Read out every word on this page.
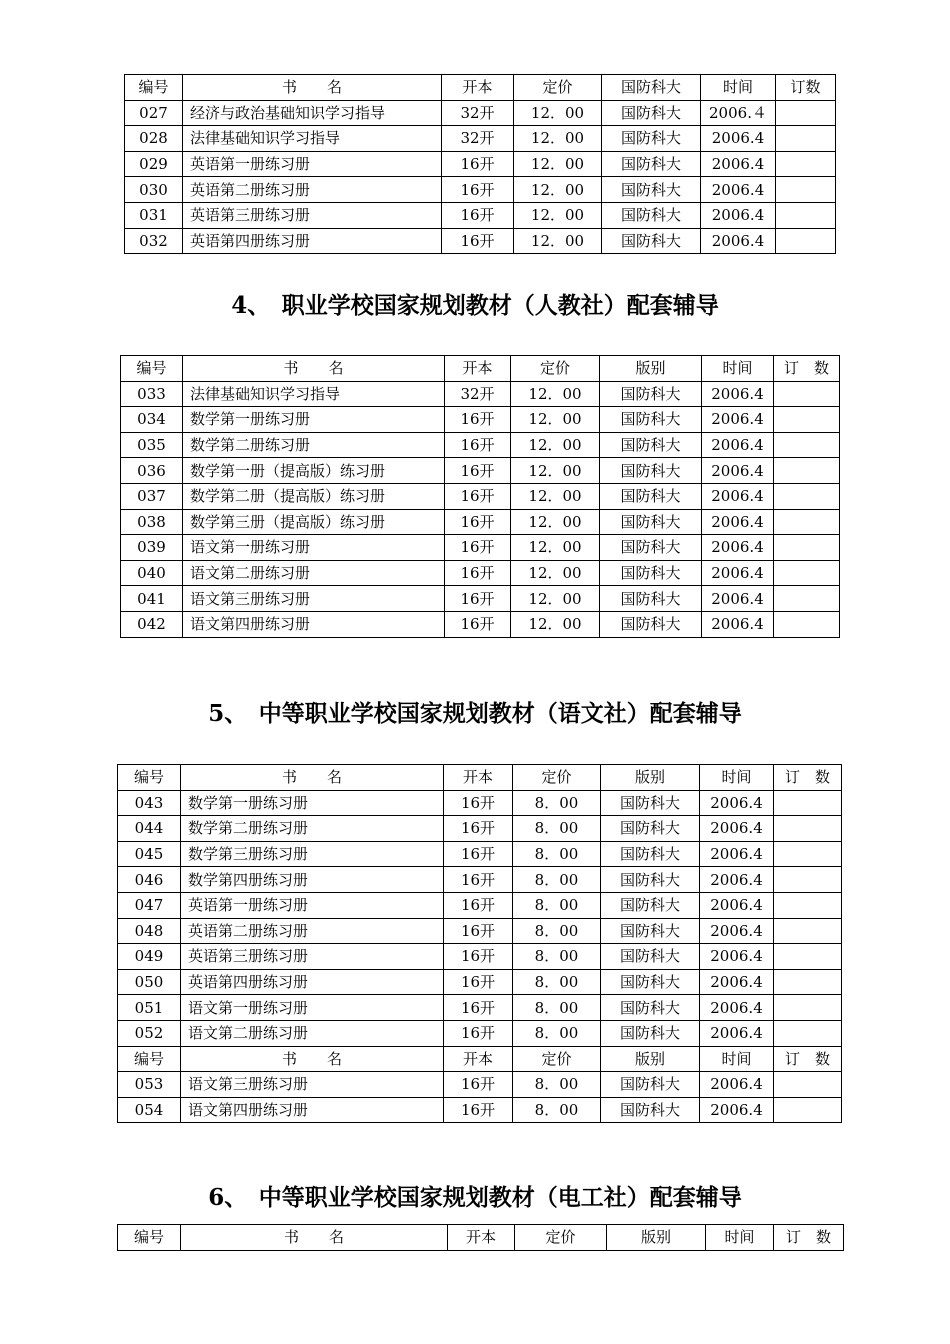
编号	书　　名	开本	定价	国防科大	时间	订数
027	经济与政治基础知识学习指导	32开	12．00	国防科大	2006.４	
028	法律基础知识学习指导	32开	12．00	国防科大	2006.4	
029	英语第一册练习册	16开	12．00	国防科大	2006.4	
030	英语第二册练习册	16开	12．00	国防科大	2006.4	
031	英语第三册练习册	16开	12．00	国防科大	2006.4	
032	英语第四册练习册	16开	12．00	国防科大	2006.4	
4、　职业学校国家规划教材（人教社）配套辅导
编号	书　　名	开本	定价	版别	时间	订　数
033	法律基础知识学习指导	32开	12．00	国防科大	2006.4	
034	数学第一册练习册	16开	12．00	国防科大	2006.4	
035	数学第二册练习册	16开	12．00	国防科大	2006.4	
036	数学第一册（提高版）练习册	16开	12．00	国防科大	2006.4	
037	数学第二册（提高版）练习册	16开	12．00	国防科大	2006.4	
038	数学第三册（提高版）练习册	16开	12．00	国防科大	2006.4	
039	语文第一册练习册	16开	12．00	国防科大	2006.4	
040	语文第二册练习册	16开	12．00	国防科大	2006.4	
041	语文第三册练习册	16开	12．00	国防科大	2006.4	
042	语文第四册练习册	16开	12．00	国防科大	2006.4	
5、　中等职业学校国家规划教材（语文社）配套辅导
编号	书　　名	开本	定价	版别	时间	订　数
043	数学第一册练习册	16开	8．00	国防科大	2006.4	
044	数学第二册练习册	16开	8．00	国防科大	2006.4	
045	数学第三册练习册	16开	8．00	国防科大	2006.4	
046	数学第四册练习册	16开	8．00	国防科大	2006.4	
047	英语第一册练习册	16开	8．00	国防科大	2006.4	
048	英语第二册练习册	16开	8．00	国防科大	2006.4	
049	英语第三册练习册	16开	8．00	国防科大	2006.4	
050	英语第四册练习册	16开	8．00	国防科大	2006.4	
051	语文第一册练习册	16开	8．00	国防科大	2006.4	
052	语文第二册练习册	16开	8．00	国防科大	2006.4	
编号	书　　名	开本	定价	版别	时间	订　数
053	语文第三册练习册	16开	8．00	国防科大	2006.4	
054	语文第四册练习册	16开	8．00	国防科大	2006.4	
6、　中等职业学校国家规划教材（电工社）配套辅导
编号	书　　名	开本	定价	版别	时间	订　数
